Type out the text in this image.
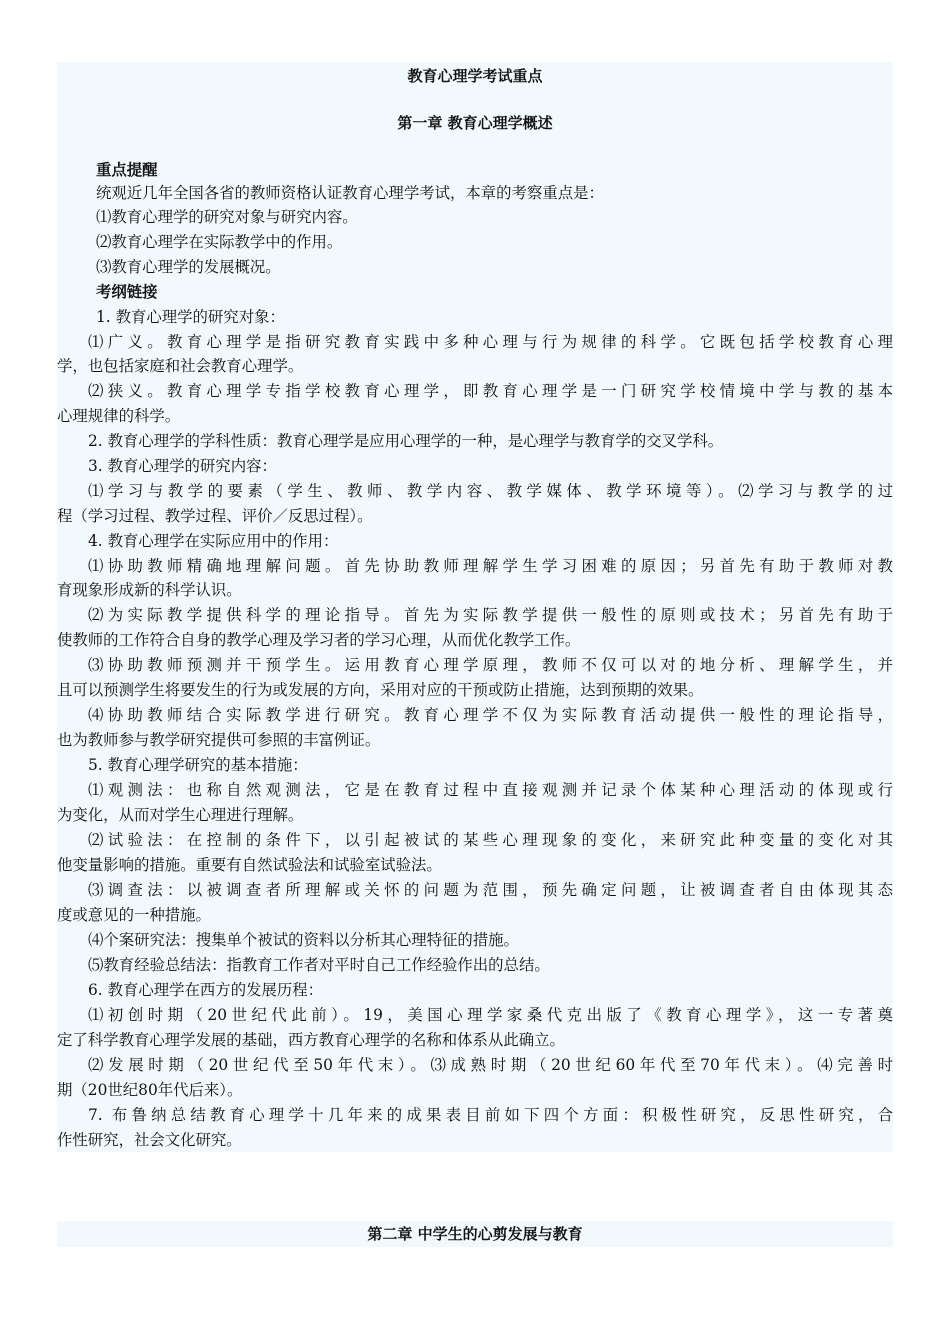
教育心理学考试重点

第一章 教育心理学概述

重点提醒

统观近几年全国各省的教师资格认证教育心理学考试，本章的考察重点是：

⑴教育心理学的研究对象与研究内容。

⑵教育心理学在实际教学中的作用。

⑶教育心理学的发展概况。

考纲链接

1. 教育心理学的研究对象：

⑴广义。教育心理学是指研究教育实践中多种心理与行为规律的科学。它既包括学校教育心理

学，也包括家庭和社会教育心理学。

⑵狭义。教育心理学专指学校教育心理学，即教育心理学是一门研究学校情境中学与教的基本

心理规律的科学。

2. 教育心理学的学科性质：教育心理学是应用心理学的一种，是心理学与教育学的交叉学科。

3. 教育心理学的研究内容：

⑴学习与教学的要素（学生、教师、教学内容、教学媒体、教学环境等）。⑵学习与教学的过

程（学习过程、教学过程、评价／反思过程）。

4. 教育心理学在实际应用中的作用：

⑴协助教师精确地理解问题。首先协助教师理解学生学习困难的原因；另首先有助于教师对教

育现象形成新的科学认识。

⑵为实际教学提供科学的理论指导。首先为实际教学提供一般性的原则或技术；另首先有助于

使教师的工作符合自身的教学心理及学习者的学习心理，从而优化教学工作。

⑶协助教师预测并干预学生。运用教育心理学原理，教师不仅可以对的地分析、理解学生，并

且可以预测学生将要发生的行为或发展的方向，采用对应的干预或防止措施，达到预期的效果。

⑷协助教师结合实际教学进行研究。教育心理学不仅为实际教育活动提供一般性的理论指导，

也为教师参与教学研究提供可参照的丰富例证。

5. 教育心理学研究的基本措施：

⑴观测法：也称自然观测法，它是在教育过程中直接观测并记录个体某种心理活动的体现或行

为变化，从而对学生心理进行理解。

⑵试验法：在控制的条件下，以引起被试的某些心理现象的变化，来研究此种变量的变化对其

他变量影响的措施。重要有自然试验法和试验室试验法。

⑶调查法：以被调查者所理解或关怀的问题为范围，预先确定问题，让被调查者自由体现其态

度或意见的一种措施。

⑷个案研究法：搜集单个被试的资料以分析其心理特征的措施。

⑸教育经验总结法：指教育工作者对平时自己工作经验作出的总结。

6. 教育心理学在西方的发展历程：

⑴初创时期（20世纪代此前）。19，美国心理学家桑代克出版了《教育心理学》，这一专著奠

定了科学教育心理学发展的基础，西方教育心理学的名称和体系从此确立。

⑵发展时期（20世纪代至50年代末）。⑶成熟时期（20世纪60年代至70年代末）。⑷完善时

期（20世纪80年代后来）。

7. 布鲁纳总结教育心理学十几年来的成果表目前如下四个方面：积极性研究，反思性研究，合

作性研究，社会文化研究。

第二章 中学生的心剪发展与教育
